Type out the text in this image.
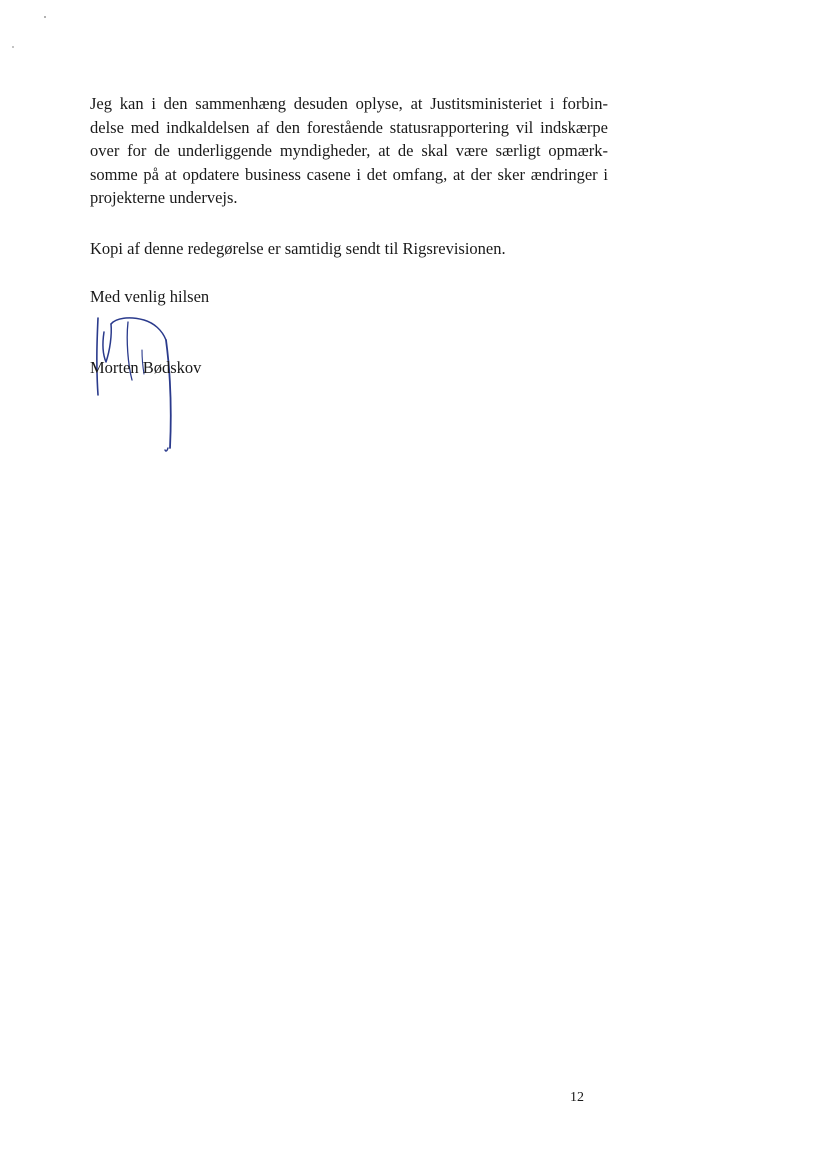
Jeg kan i den sammenhæng desuden oplyse, at Justitsministeriet i forbin-
delse med indkaldelsen af den forestående statusrapportering vil indskærpe
over for de underliggende myndigheder, at de skal være særligt opmærk-
somme på at opdatere business casene i det omfang, at der sker ændringer i
projekterne undervejs.

Kopi af denne redegørelse er samtidig sendt til Rigsrevisionen.

Med venlig hilsen

Morten Bødskov

12
